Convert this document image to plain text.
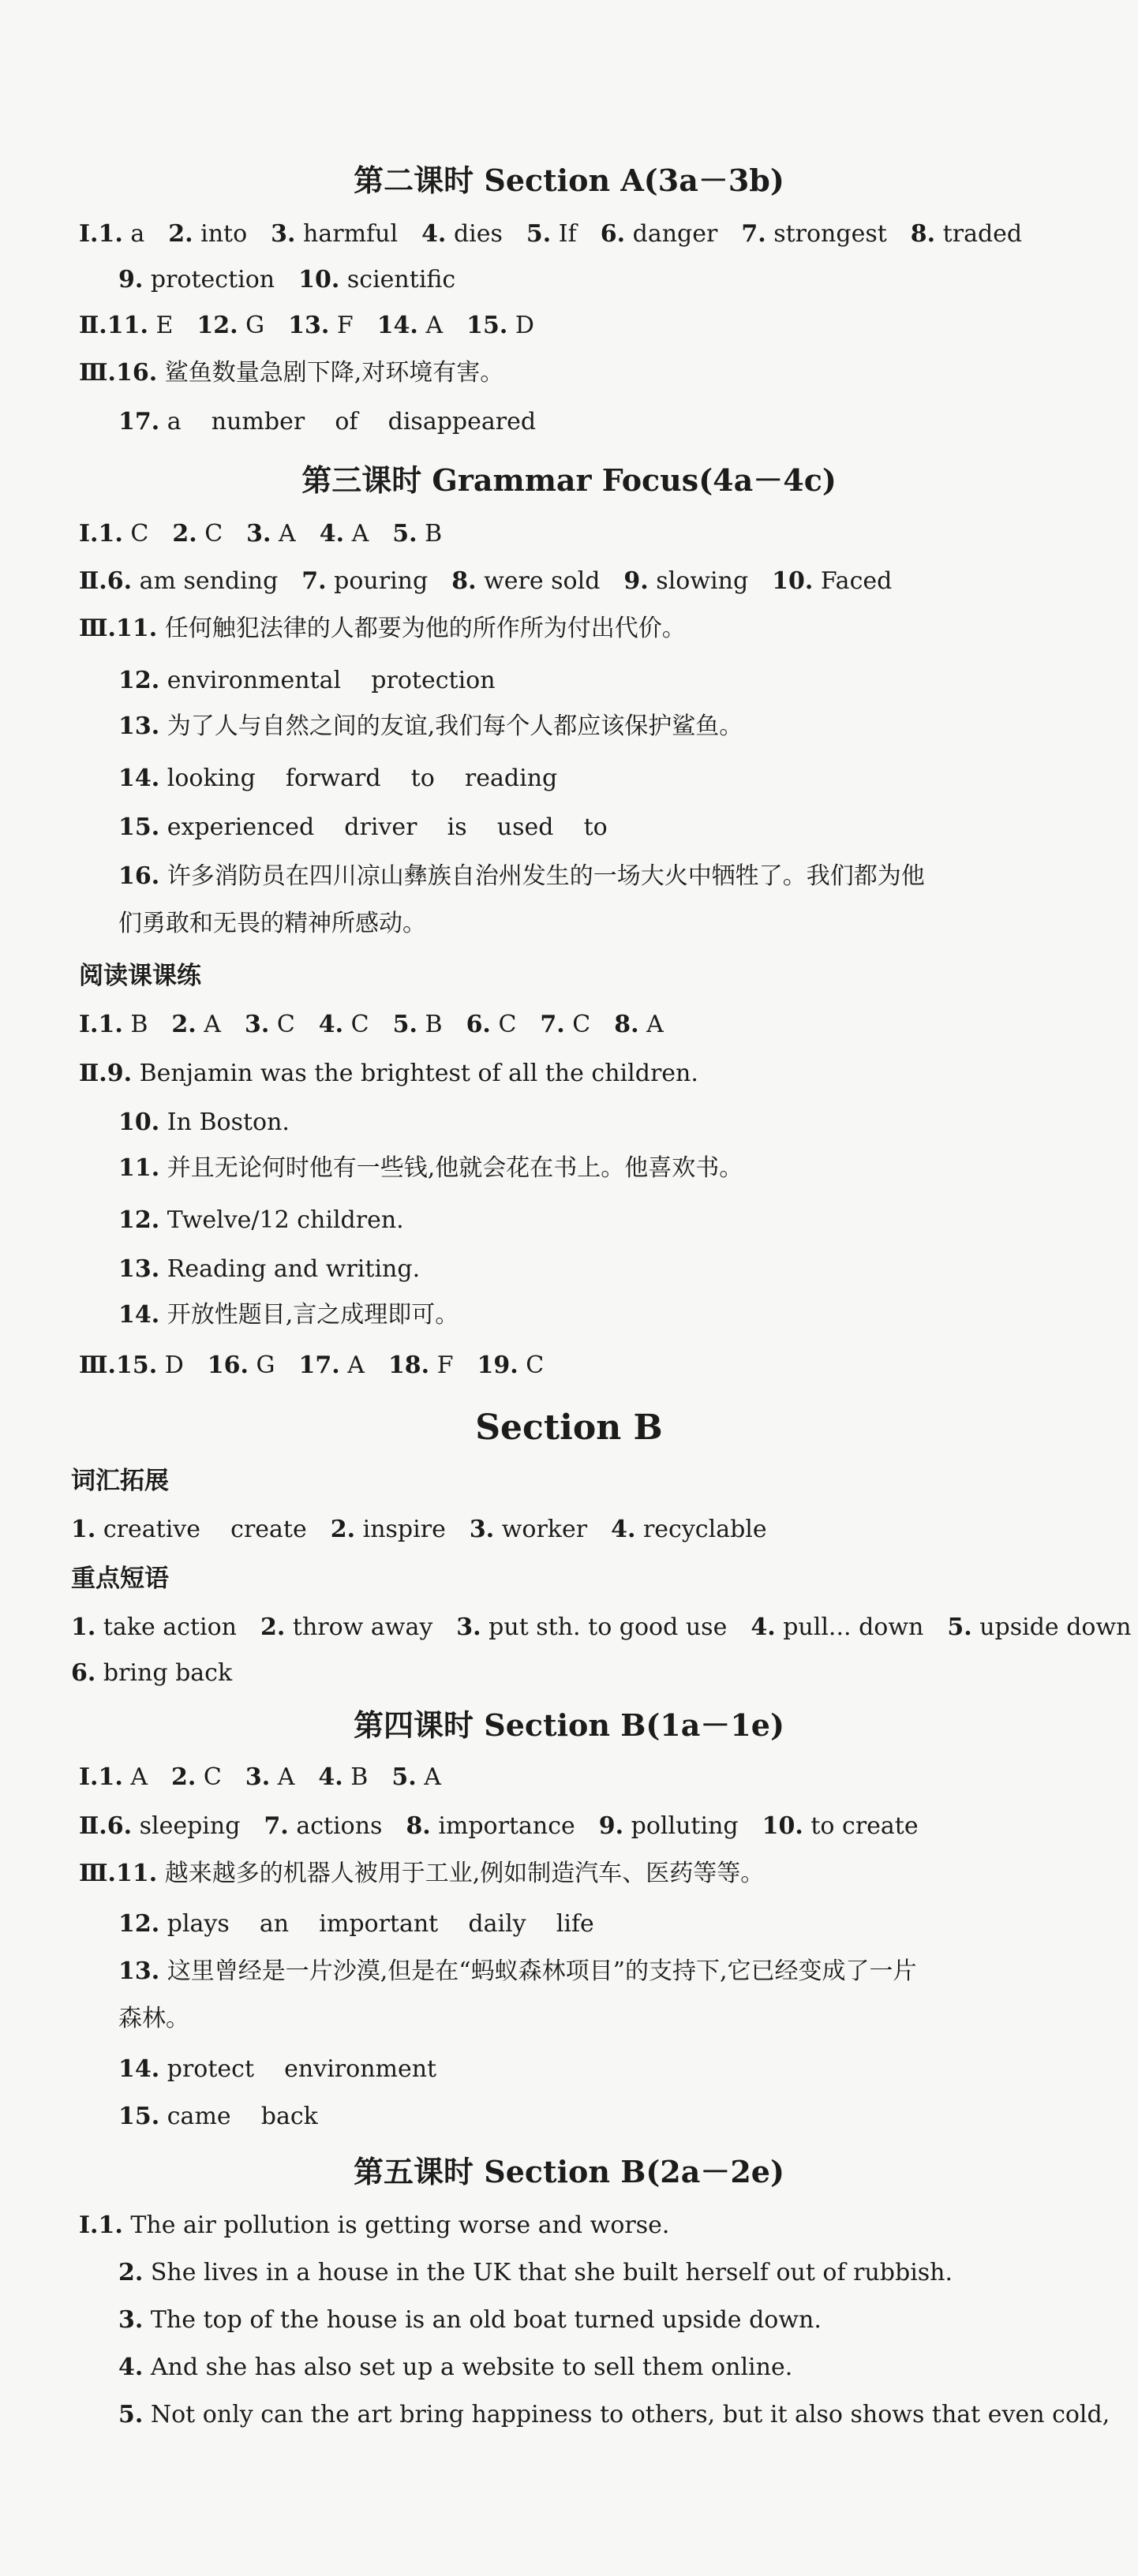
第二课时 Section A(3a－3b)
Ⅰ.1. a 2. into 3. harmful 4. dies 5. If 6. danger 7. strongest 8. traded
9. protection 10. scientific
Ⅱ.11. E 12. G 13. F 14. A 15. D
Ⅲ.16. 鲨鱼数量急剧下降,对环境有害。
17. a    number    of    disappeared
第三课时 Grammar Focus(4a－4c)
Ⅰ.1. C 2. C 3. A 4. A 5. B
Ⅱ.6. am sending 7. pouring 8. were sold 9. slowing 10. Faced
Ⅲ.11. 任何触犯法律的人都要为他的所作所为付出代价。
12. environmental    protection
13. 为了人与自然之间的友谊,我们每个人都应该保护鲨鱼。
14. looking    forward    to    reading
15. experienced    driver    is    used    to
16. 许多消防员在四川凉山彝族自治州发生的一场大火中牺牲了。我们都为他
们勇敢和无畏的精神所感动。
阅读课课练
Ⅰ.1. B 2. A 3. C 4. C 5. B 6. C 7. C 8. A
Ⅱ.9. Benjamin was the brightest of all the children.
10. In Boston.
11. 并且无论何时他有一些钱,他就会花在书上。他喜欢书。
12. Twelve/12 children.
13. Reading and writing.
14. 开放性题目,言之成理即可。
Ⅲ.15. D 16. G 17. A 18. F 19. C
Section B
词汇拓展
1. creative    create 2. inspire 3. worker 4. recyclable
重点短语
1. take action 2. throw away 3. put sth. to good use 4. pull... down 5. upside down
6. bring back
第四课时 Section B(1a－1e)
Ⅰ.1. A 2. C 3. A 4. B 5. A
Ⅱ.6. sleeping 7. actions 8. importance 9. polluting 10. to create
Ⅲ.11. 越来越多的机器人被用于工业,例如制造汽车、医药等等。
12. plays    an    important    daily    life
13. 这里曾经是一片沙漠,但是在“蚂蚁森林项目”的支持下,它已经变成了一片
森林。
14. protect    environment
15. came    back
第五课时 Section B(2a－2e)
Ⅰ.1. The air pollution is getting worse and worse.
2. She lives in a house in the UK that she built herself out of rubbish.
3. The top of the house is an old boat turned upside down.
4. And she has also set up a website to sell them online.
5. Not only can the art bring happiness to others, but it also shows that even cold,
